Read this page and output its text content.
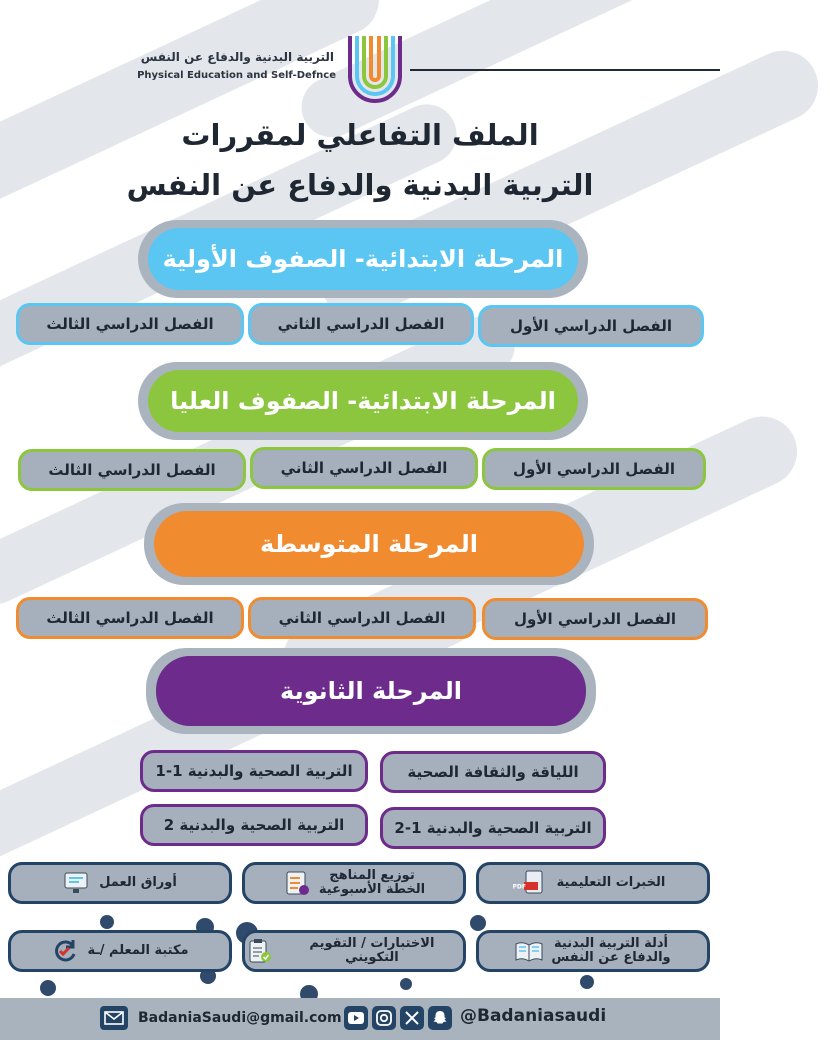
التربية البدنية والدفاع عن النفس
Physical Education and Self-Defnce
الملف التفاعلي لمقررات
التربية البدنية والدفاع عن النفس
المرحلة الابتدائية- الصفوف الأولية
الفصل الدراسي الأول
الفصل الدراسي الثاني
الفصل الدراسي الثالث
المرحلة الابتدائية- الصفوف العليا
الفصل الدراسي الأول
الفصل الدراسي الثاني
الفصل الدراسي الثالث
المرحلة المتوسطة
الفصل الدراسي الأول
الفصل الدراسي الثاني
الفصل الدراسي الثالث
المرحلة الثانوية
اللياقة والثقافة الصحية
التربية الصحية والبدنية 1-1
التربية الصحية والبدنية 1-2
التربية الصحية والبدنية 2
الخبرات التعليمية
PDF
توزيع المناهج
الخطة الأسبوعية
أوراق العمل
أدلة التربية البدنية
والدفاع عن النفس
الاختبارات / التقويم التكويني
مكتبة المعلم /ـة
BadaniaSaudi@gmail.com	@Badaniasaudi
